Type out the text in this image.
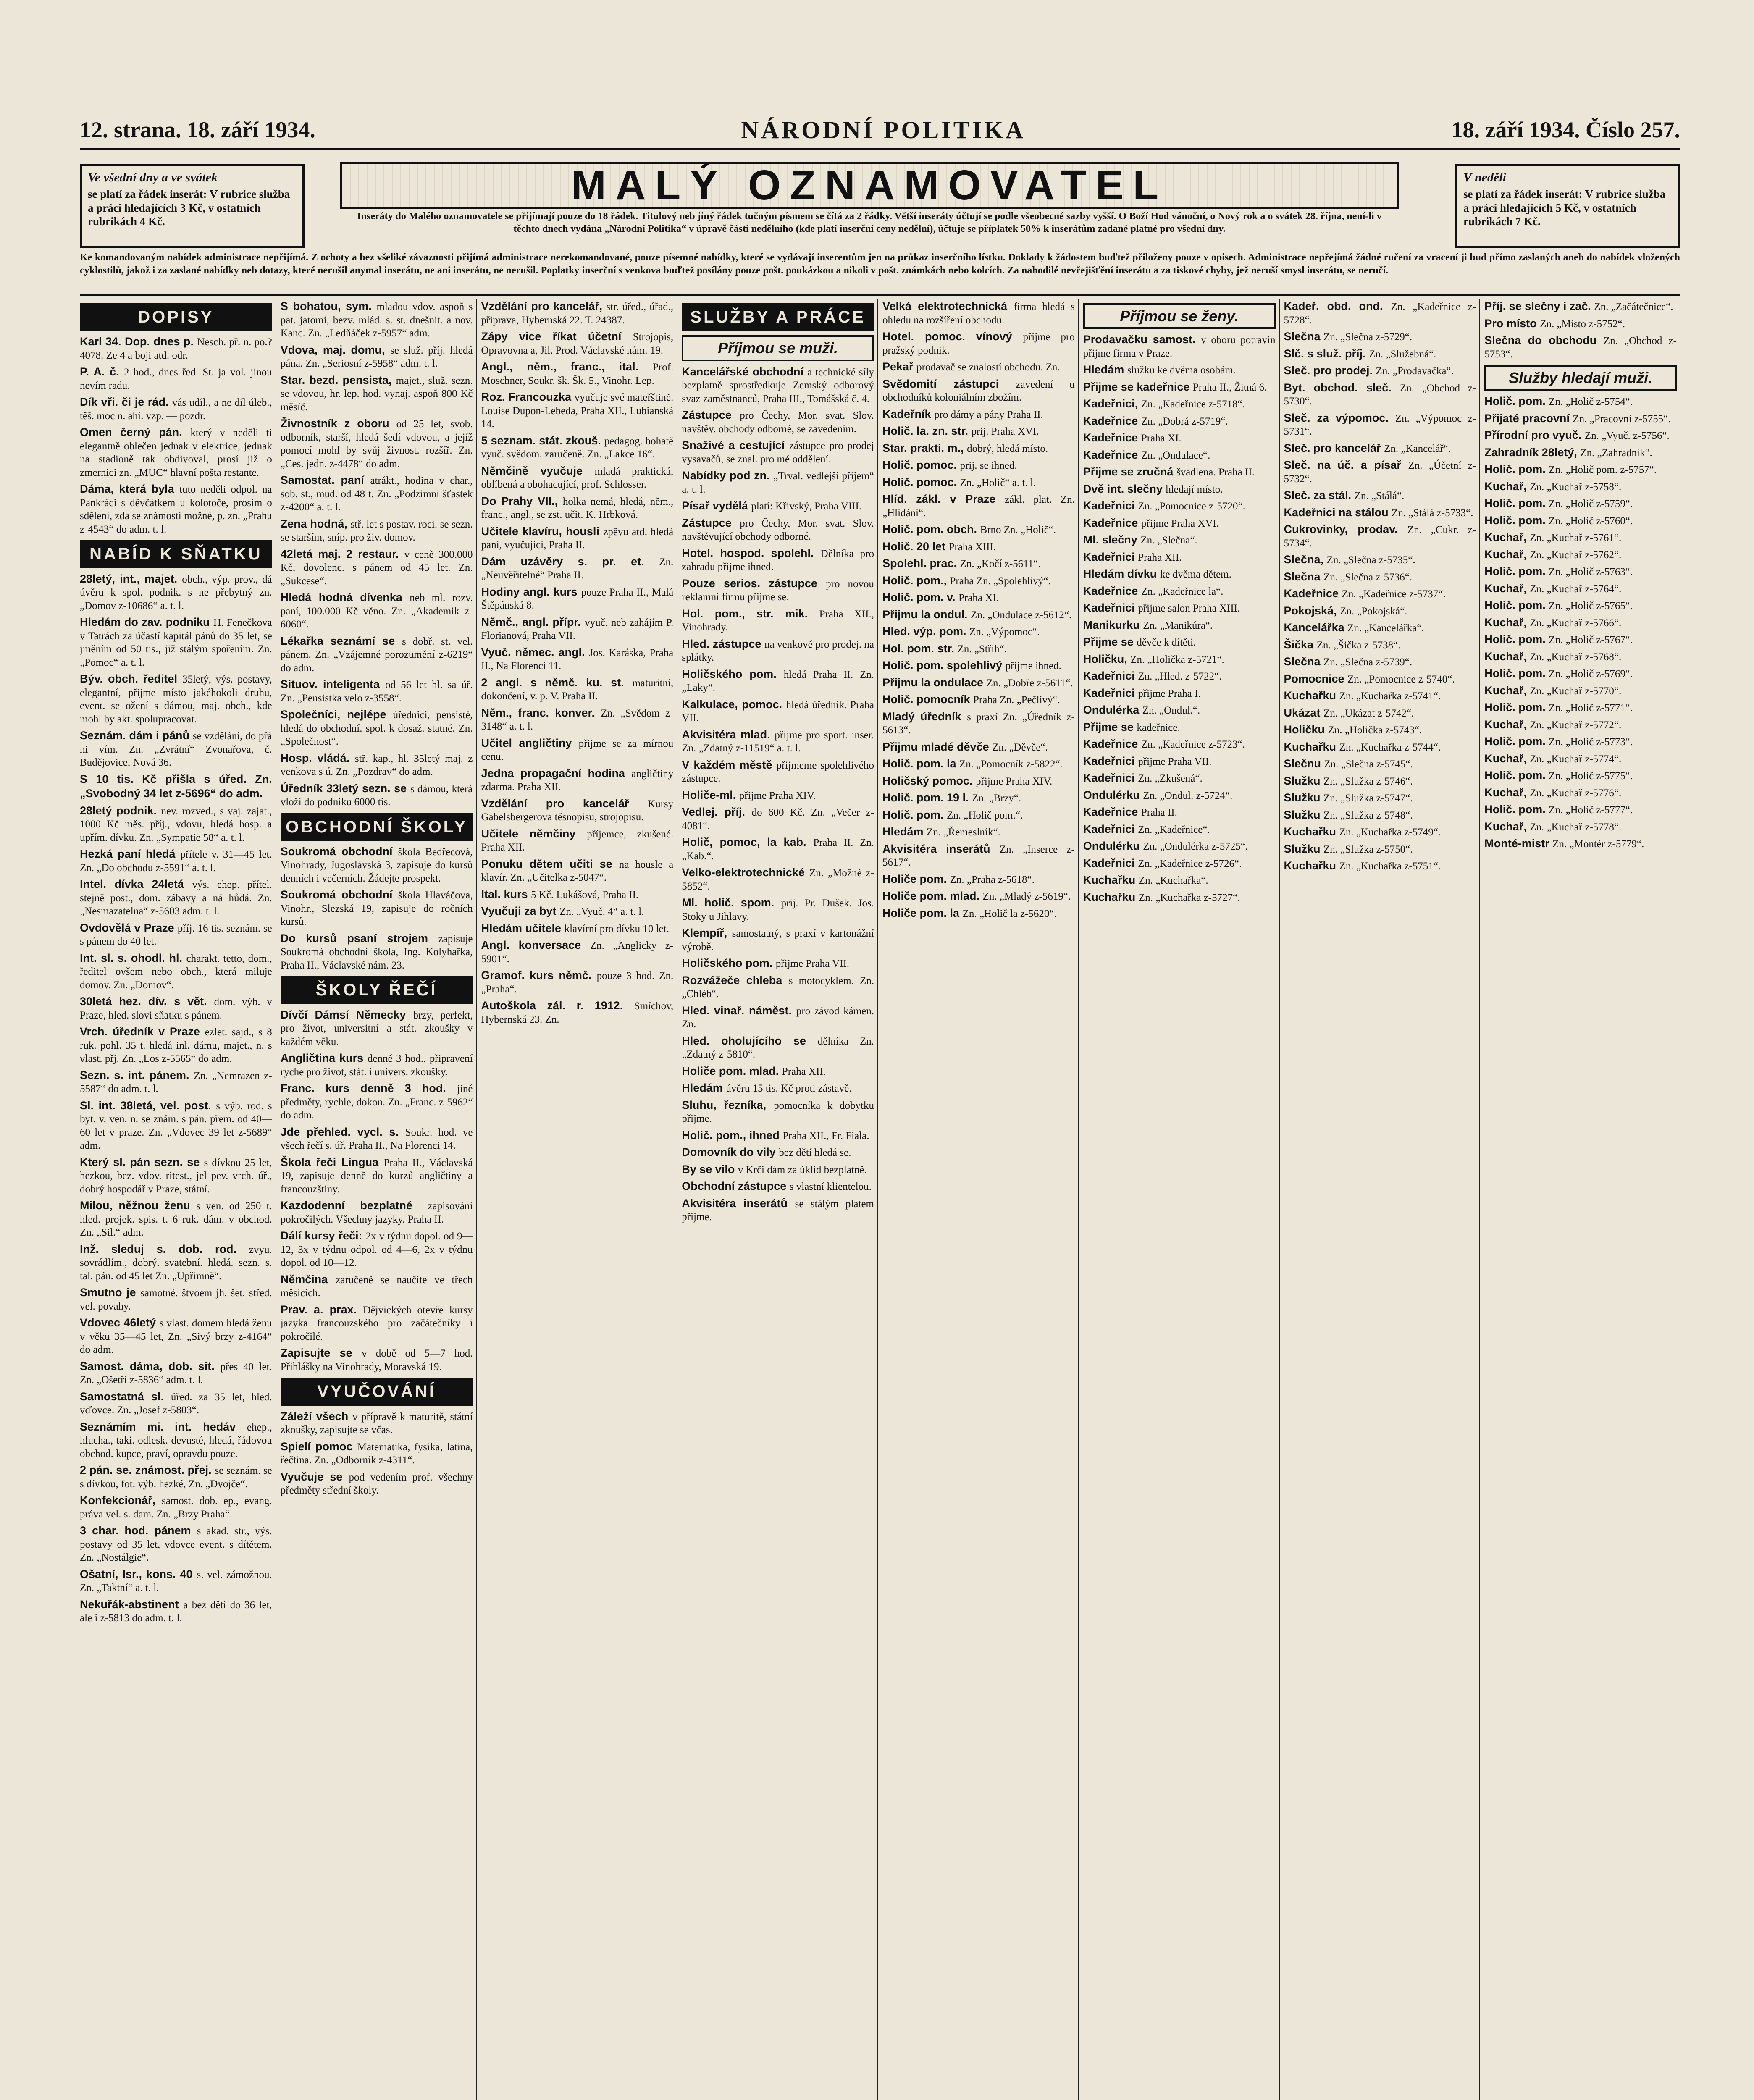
12. strana. 18. září 1934.	NÁRODNÍ POLITIKA	18. září 1934. Číslo 257.
Ve všední dny a ve svátek
se platí za řádek inserát: V rubrice služba a práci hledajících 3 Kč, v ostatních rubrikách 4 Kč.
MALÝ OZNAMOVATEL
Inseráty do Malého oznamovatele se přijímají pouze do 18 řádek. Titulový neb jiný řádek tučným písmem se čítá za 2 řádky. Větší inseráty účtují se podle všeobecné sazby vyšší. O Boží Hod vánoční, o Nový rok a o svátek 28. října, není-li v těchto dnech vydána „Národní Politika“ v úpravě části nedělního (kde platí inserční ceny nedělní), účtuje se příplatek 50% k inserátům zadané platné pro všední dny.
V neděli
se platí za řádek inserát: V rubrice služba a práci hledajících 5 Kč, v ostatních rubrikách 7 Kč.
Ke komandovaným nabídek administrace nepřijímá. Z ochoty a bez všeliké závaznosti přijímá administrace nerekomandované, pouze písemné nabídky, které se vydávají inserentům jen na průkaz inserčního lístku. Doklady k žádostem buďtež přiloženy pouze v opisech. Administrace nepřejímá žádné ručení za vracení ji bud přímo zaslaných aneb do nabídek vložených cyklostilů, jakož i za zaslané nabídky neb dotazy, které nerušil anymal inserátu, ne ani inserátu, ne nerušil. Poplatky inserční s venkova buďtež posílány pouze pošt. poukázkou a nikoli v pošt. známkách nebo kolcích. Za nahodilé nevřejišťění inserátu a za tiskové chyby, jež neruší smysl inserátu, se neručí.
DOPISY
Karl 34. Dop. dnes p. Nesch. př. n. po.? 4078. Ze 4 a boji atd. odr.
P. A. č. 2 hod., dnes řed. St. ja vol. jinou nevím radu.
Dík vři. či je rád. vás udíl., a ne díl úleb., těš. moc n. ahi. vzp. — pozdr.
Omen černý pán. který v neděli ti elegantně oblečen jednak v elektrice, jednak na stadioně tak obdivoval, prosí již o zmernici zn. „MUC“ hlavní pošta restante.
Dáma, která byla tuto neděli odpol. na Pankráci s děvčátkem u kolotoče, prosím o sdělení, zda se známostí možné, p. zn. „Prahu z-4543“ do adm. t. l.
NABÍD K SŇATKU
28letý, int., majet. obch., výp. prov., dá úvěru k spol. podnik. s ne přebytný zn. „Domov z-10686“ a. t. l.
Hledám do zav. podniku H. Fenečkova v Tatrách za účastí kapitál pánů do 35 let, se jměním od 50 tis., již stálým spořením. Zn. „Pomoc“ a. t. l.
Býv. obch. ředitel 35letý, výs. postavy, elegantní, přijme místo jakéhokoli druhu, event. se ožení s dámou, maj. obch., kde mohl by akt. spolupracovat.
Seznám. dám i pánů se vzdělání, do přá ni vím. Zn. „Zvrátní“ Zvonařova, č. Budějovice, Nová 36.
S 10 tis. Kč přišla s úřed. Zn. „Svobodný 34 let z-5696“ do adm.
28letý podnik. nev. rozved., s vaj. zajat., 1000 Kč měs. příj., vdovu, hledá hosp. a upřím. dívku. Zn. „Sympatie 58“ a. t. l.
Hezká paní hledá přítele v. 31—45 let. Zn. „Do obchodu z-5591“ a. t. l.
Intel. dívka 24letá výs. ehep. přítel. stejně post., dom. zábavy a ná hůdá. Zn. „Nesmazatelna“ z-5603 adm. t. l.
Ovdovělá v Praze příj. 16 tis. seznám. se s pánem do 40 let.
Int. sl. s. ohodl. hl. charakt. tetto, dom., ředitel ovšem nebo obch., která miluje domov. Zn. „Domov“.
30letá hez. dív. s vět. dom. výb. v Praze, hled. slovi sňatku s pánem.
Vrch. úředník v Praze ezlet. sajd., s 8 ruk. pohl. 35 t. hledá inl. dámu, majet., n. s vlast. přj. Zn. „Los z-5565“ do adm.
Sezn. s. int. pánem. Zn. „Nemrazen z-5587“ do adm. t. l.
Sl. int. 38letá, vel. post. s výb. rod. s byt. v. ven. n. se znám. s pán. přem. od 40—60 let v praze. Zn. „Vdovec 39 let z-5689“ adm.
Který sl. pán sezn. se s dívkou 25 let, hezkou, bez. vdov. ritest., jel pev. vrch. úř., dobrý hospodář v Praze, státní.
Milou, něžnou ženu s ven. od 250 t. hled. projek. spis. t. 6 ruk. dám. v obchod. Zn. „Sil.“ adm.
Inž. sleduj s. dob. rod. zvyu. sovrádlím., dobrý. svatební. hledá. sezn. s. tal. pán. od 45 let Zn. „Upřimně“.
Smutno je samotné. štvoem jh. šet. střed. vel. povahy.
Vdovec 46letý s vlast. domem hledá ženu v věku 35—45 let, Zn. „Sivý brzy z-4164“ do adm.
Samost. dáma, dob. sit. přes 40 let. Zn. „Ošetří z-5836“ adm. t. l.
Samostatná sl. úřed. za 35 let, hled. vďovce. Zn. „Josef z-5803“.
Seznámím mi. int. hedáv ehep., hlucha., taki. odlesk. devusté, hledá, řádovou obchod. kupce, praví, opravdu pouze.
2 pán. se. známost. přej. se seznám. se s dívkou, fot. výb. hezké, Zn. „Dvojče“.
Konfekcionář, samost. dob. ep., evang. práva vel. s. dam. Zn. „Brzy Praha“.
3 char. hod. pánem s akad. str., výs. postavy od 35 let, vdovce event. s dítětem. Zn. „Nostálgie“.
Ošatní, lsr., kons. 40 s. vel. zámožnou. Zn. „Taktní“ a. t. l.
Nekuřák-abstinent a bez dětí do 36 let, ale i z-5813 do adm. t. l.
S bohatou, sym. mladou vdov. aspoň s pat. jatomi, bezv. mlád. s. st. dnešnit. a nov. Kanc. Zn. „Ledňáček z-5957“ adm.
Vdova, maj. domu, se služ. příj. hledá pána. Zn. „Seriosní z-5958“ adm. t. l.
Star. bezd. pensista, majet., služ. sezn. se vdovou, hr. lep. hod. vynaj. aspoň 800 Kč měsíč.
Živnostník z oboru od 25 let, svob. odborník, starší, hledá šedí vdovou, a jejíž pomocí mohl by svůj živnost. rozšíř. Zn. „Ces. jedn. z-4478“ do adm.
Samostat. paní atrákt., hodina v char., sob. st., mud. od 48 t. Zn. „Podzimni šťastek z-4200“ a. t. l.
Zena hodná, stř. let s postav. roci. se sezn. se starším, sníp. pro živ. domov.
42letá maj. 2 restaur. v ceně 300.000 Kč, dovolenc. s pánem od 45 let. Zn. „Sukcese“.
Hledá hodná dívenka neb ml. rozv. paní, 100.000 Kč věno. Zn. „Akademik z-6060“.
Lékařka seznámí se s dobř. st. vel. pánem. Zn. „Vzájemné porozumění z-6219“ do adm.
Situov. inteligenta od 56 let hl. sa úř. Zn. „Pensistka velo z-3558“.
Společníci, nejlépe úřednici, pensisté, hledá do obchodní. spol. k dosaž. statné. Zn. „Společnost“.
Hosp. vládá. stř. kap., hl. 35letý maj. z venkova s ú. Zn. „Pozdrav“ do adm.
Úředník 33letý sezn. se s dámou, která vloží do podniku 6000 tis.
OBCHODNÍ ŠKOLY
Soukromá obchodní škola Bedřecová, Vinohrady, Jugoslávská 3, zapisuje do kursů denních i večerních. Žádejte prospekt.
Soukromá obchodní škola Hlaváčova, Vinohr., Slezská 19, zapisuje do ročních kursů.
Do kursů psaní strojem zapisuje Soukromá obchodní škola, Ing. Kolyhařka, Praha II., Václavské nám. 23.
ŠKOLY ŘEČÍ
Dívčí Dámsí Německy brzy, perfekt, pro život, universitní a stát. zkoušky v každém věku.
Angličtina kurs denně 3 hod., připravení ryche pro život, stát. i univers. zkoušky.
Franc. kurs denně 3 hod. jiné předměty, rychle, dokon. Zn. „Franc. z-5962“ do adm.
Jde přehled. vycl. s. Soukr. hod. ve všech řečí s. úř. Praha II., Na Florenci 14.
Škola řeči Lingua Praha II., Václavská 19, zapisuje denně do kurzů angličtiny a francouzštiny.
Kazdodenní bezplatné zapisování pokročilých. Všechny jazyky. Praha II.
Dálí kursy řeči: 2x v týdnu dopol. od 9—12, 3x v týdnu odpol. od 4—6, 2x v týdnu dopol. od 10—12.
Němčina zaručeně se naučíte ve třech měsících.
Prav. a. prax. Dějvických otevře kursy jazyka francouzského pro začátečníky i pokročilé.
Zapisujte se v době od 5—7 hod. Přihlášky na Vinohrady, Moravská 19.
VYUČOVÁNÍ
Záleží všech v přípravě k maturitě, státní zkoušky, zapisujte se včas.
Spielí pomoc Matematika, fysika, latina, řečtina. Zn. „Odborník z-4311“.
Vyučuje se pod vedením prof. všechny předměty střední školy.
Vzdělání pro kancelář, str. úřed., úřad., připrava, Hybernská 22. T. 24387.
Zápy vice říkat účetní Strojopis, Opravovna a, Jil. Prod. Václavské nám. 19.
Angl., něm., franc., ital. Prof. Moschner, Soukr. šk. Šk. 5., Vinohr. Lep.
Roz. Francouzka vyučuje své mateřštině. Louise Dupon-Lebeda, Praha XII., Lubianská 14.
5 seznam. stát. zkouš. pedagog. bohatě vyuč. svědom. zaručeně. Zn. „Lakce 16“.
Němčině vyučuje mladá praktická, oblíbená a obohacující, prof. Schlosser.
Do Prahy VII., holka nemá, hledá, něm., franc., angl., se zst. učit. K. Hrbková.
Učitele klavíru, housli zpěvu atd. hledá paní, vyučující, Praha II.
Dám uzávěry s. pr. et. Zn. „Neuvěřitelné“ Praha II.
Hodiny angl. kurs pouze Praha II., Malá Štěpánská 8.
Němč., angl. přípr. vyuč. neb zahájím P. Florianová, Praha VII.
Vyuč. němec. angl. Jos. Karáska, Praha II., Na Florenci 11.
2 angl. s němč. ku. st. maturitní, dokončení, v. p. V. Praha II.
Něm., franc. konver. Zn. „Svědom z-3148“ a. t. l.
Učitel angličtiny přijme se za mírnou cenu.
Jedna propagační hodina angličtiny zdarma. Praha XII.
Vzdělání pro kancelář Kursy Gabelsbergerova těsnopisu, strojopisu.
Učitele němčiny příjemce, zkušené. Praha XII.
Ponuku dětem učiti se na housle a klavír. Zn. „Učitelka z-5047“.
Ital. kurs 5 Kč. Lukášová, Praha II.
Vyučuji za byt Zn. „Vyuč. 4“ a. t. l.
Hledám učitele klavírní pro dívku 10 let.
Angl. konversace Zn. „Anglicky z-5901“.
Gramof. kurs němč. pouze 3 hod. Zn. „Praha“.
Autoškola zál. r. 1912. Smíchov, Hybernská 23. Zn.
SLUŽBY A PRÁCE
Příjmou se muži.
Kancelářské obchodní a technické síly bezplatně sprostředkuje Zemský odborový svaz zaměstnanců, Praha III., Tomášská č. 4.
Zástupce pro Čechy, Mor. svat. Slov. navštěv. obchody odborné, se zavedením.
Snaživé a cestující zástupce pro prodej vysavačů, se znal. pro mé oddělení.
Nabídky pod zn. „Trval. vedlejší příjem“ a. t. l.
Písař vydělá platí: Křivský, Praha VIII.
Zástupce pro Čechy, Mor. svat. Slov. navštěvující obchody odborné.
Hotel. hospod. spolehl. Dělníka pro zahradu přijme ihned.
Pouze serios. zástupce pro novou reklamní firmu přijme se.
Hol. pom., str. mik. Praha XII., Vinohrady.
Hled. zástupce na venkově pro prodej. na splátky.
Holičského pom. hledá Praha II. Zn. „Laky“.
Kalkulace, pomoc. hledá úředník. Praha VII.
Akvisitéra mlad. přijme pro sport. inser. Zn. „Zdatný z-11519“ a. t. l.
V každém městě přijmeme spolehlivého zástupce.
Holiče-ml. přijme Praha XIV.
Vedlej. příj. do 600 Kč. Zn. „Večer z-4081“.
Holič, pomoc, la kab. Praha II. Zn. „Kab.“.
Velko-elektrotechnické Zn. „Možné z-5852“.
Ml. holič. spom. prij. Pr. Dušek. Jos. Stoky u Jihlavy.
Klempíř, samostatný, s praxí v kartonážní výrobě.
Holičského pom. přijme Praha VII.
Rozvážeče chleba s motocyklem. Zn. „Chléb“.
Hled. vinař. náměst. pro závod kámen. Zn.
Hled. oholujícího se dělníka Zn. „Zdatný z-5810“.
Holiče pom. mlad. Praha XII.
Hledám úvěru 15 tis. Kč proti zástavě.
Sluhu, řezníka, pomocníka k dobytku přijme.
Holič. pom., ihned Praha XII., Fr. Fiala.
Domovník do vily bez dětí hledá se.
By se vilo v Krči dám za úklid bezplatně.
Obchodní zástupce s vlastní klientelou.
Akvisitéra inserátů se stálým platem přijme.
Velká elektrotechnická firma hledá s ohledu na rozšíření obchodu.
Hotel. pomoc. vínový přijme pro pražský podnik.
Pekař prodavač se znalostí obchodu. Zn.
Svědomití zástupci zavedení u obchodníků koloniálním zbožím.
Kadeřník pro dámy a pány Praha II.
Holič. la. zn. str. prij. Praha XVI.
Star. prakti. m., dobrý, hledá místo.
Holič. pomoc. prij. se ihned.
Holič. pomoc. Zn. „Holič“ a. t. l.
Hlíd. zákl. v Praze zákl. plat. Zn. „Hlídání“.
Holič. pom. obch. Brno Zn. „Holič“.
Holič. 20 let Praha XIII.
Spolehl. prac. Zn. „Kočí z-5611“.
Holič. pom., Praha Zn. „Spolehlivý“.
Holič. pom. v. Praha XI.
Přijmu la ondul. Zn. „Ondulace z-5612“.
Hled. výp. pom. Zn. „Výpomoc“.
Hol. pom. str. Zn. „Střih“.
Holič. pom. spolehlivý přijme ihned.
Přijmu la ondulace Zn. „Dobře z-5611“.
Holič. pomocník Praha Zn. „Pečlivý“.
Mladý úředník s praxí Zn. „Úředník z-5613“.
Přijmu mladé děvče Zn. „Děvče“.
Holič. pom. la Zn. „Pomocník z-5822“.
Holičský pomoc. přijme Praha XIV.
Holič. pom. 19 l. Zn. „Brzy“.
Holič. pom. Zn. „Holič pom.“.
Hledám Zn. „Řemeslník“.
Akvisitéra inserátů Zn. „Inserce z-5617“.
Holiče pom. Zn. „Praha z-5618“.
Holiče pom. mlad. Zn. „Mladý z-5619“.
Holiče pom. la Zn. „Holič la z-5620“.
Příjmou se ženy.
Prodavačku samost. v oboru potravin přijme firma v Praze.
Hledám služku ke dvěma osobám.
Přijme se kadeřnice Praha II., Žitná 6.
Kadeřnici, Zn. „Kadeřnice z-5718“.
Kadeřnice Zn. „Dobrá z-5719“.
Kadeřnice Praha XI.
Kadeřnice Zn. „Ondulace“.
Přijme se zručná švadlena. Praha II.
Dvě int. slečny hledají místo.
Kadeřnici Zn. „Pomocnice z-5720“.
Kadeřnice přijme Praha XVI.
Ml. slečny Zn. „Slečna“.
Kadeřnici Praha XII.
Hledám dívku ke dvěma dětem.
Kadeřnice Zn. „Kadeřnice la“.
Kadeřnici přijme salon Praha XIII.
Manikurku Zn. „Manikúra“.
Přijme se děvče k dítěti.
Holičku, Zn. „Holička z-5721“.
Kadeřnici Zn. „Hled. z-5722“.
Kadeřnici přijme Praha I.
Ondulérka Zn. „Ondul.“.
Přijme se kadeřnice.
Kadeřnice Zn. „Kadeřnice z-5723“.
Kadeřnici přijme Praha VII.
Kadeřnici Zn. „Zkušená“.
Ondulérku Zn. „Ondul. z-5724“.
Kadeřnice Praha II.
Kadeřnici Zn. „Kadeřnice“.
Ondulérku Zn. „Ondulérka z-5725“.
Kadeřnici Zn. „Kadeřnice z-5726“.
Kuchařku Zn. „Kuchařka“.
Kuchařku Zn. „Kuchařka z-5727“.
Kadeř. obd. ond. Zn. „Kadeřnice z-5728“.
Slečna Zn. „Slečna z-5729“.
Slč. s služ. příj. Zn. „Služebná“.
Sleč. pro prodej. Zn. „Prodavačka“.
Byt. obchod. sleč. Zn. „Obchod z-5730“.
Sleč. za výpomoc. Zn. „Výpomoc z-5731“.
Sleč. pro kancelář Zn. „Kancelář“.
Sleč. na úč. a písař Zn. „Účetní z-5732“.
Sleč. za stál. Zn. „Stálá“.
Kadeřnici na stálou Zn. „Stálá z-5733“.
Cukrovinky, prodav. Zn. „Cukr. z-5734“.
Slečna, Zn. „Slečna z-5735“.
Slečna Zn. „Slečna z-5736“.
Kadeřnice Zn. „Kadeřnice z-5737“.
Pokojská, Zn. „Pokojská“.
Kancelářka Zn. „Kancelářka“.
Šička Zn. „Šička z-5738“.
Slečna Zn. „Slečna z-5739“.
Pomocnice Zn. „Pomocnice z-5740“.
Kuchařku Zn. „Kuchařka z-5741“.
Ukázat Zn. „Ukázat z-5742“.
Holičku Zn. „Holička z-5743“.
Kuchařku Zn. „Kuchařka z-5744“.
Slečnu Zn. „Slečna z-5745“.
Služku Zn. „Služka z-5746“.
Služku Zn. „Služka z-5747“.
Služku Zn. „Služka z-5748“.
Kuchařku Zn. „Kuchařka z-5749“.
Služku Zn. „Služka z-5750“.
Kuchařku Zn. „Kuchařka z-5751“.
Příj. se slečny i zač. Zn. „Začátečnice“.
Pro místo Zn. „Místo z-5752“.
Slečna do obchodu Zn. „Obchod z-5753“.
Služby hledají muži.
Holič. pom. Zn. „Holič z-5754“.
Přijaté pracovní Zn. „Pracovní z-5755“.
Přírodní pro vyuč. Zn. „Vyuč. z-5756“.
Zahradník 28letý, Zn. „Zahradník“.
Holič. pom. Zn. „Holič pom. z-5757“.
Kuchař, Zn. „Kuchař z-5758“.
Holič. pom. Zn. „Holič z-5759“.
Holič. pom. Zn. „Holič z-5760“.
Kuchař, Zn. „Kuchař z-5761“.
Kuchař, Zn. „Kuchař z-5762“.
Holič. pom. Zn. „Holič z-5763“.
Kuchař, Zn. „Kuchař z-5764“.
Holič. pom. Zn. „Holič z-5765“.
Kuchař, Zn. „Kuchař z-5766“.
Holič. pom. Zn. „Holič z-5767“.
Kuchař, Zn. „Kuchař z-5768“.
Holič. pom. Zn. „Holič z-5769“.
Kuchař, Zn. „Kuchař z-5770“.
Holič. pom. Zn. „Holič z-5771“.
Kuchař, Zn. „Kuchař z-5772“.
Holič. pom. Zn. „Holič z-5773“.
Kuchař, Zn. „Kuchař z-5774“.
Holič. pom. Zn. „Holič z-5775“.
Kuchař, Zn. „Kuchař z-5776“.
Holič. pom. Zn. „Holič z-5777“.
Kuchař, Zn. „Kuchař z-5778“.
Monté-mistr Zn. „Montér z-5779“.
